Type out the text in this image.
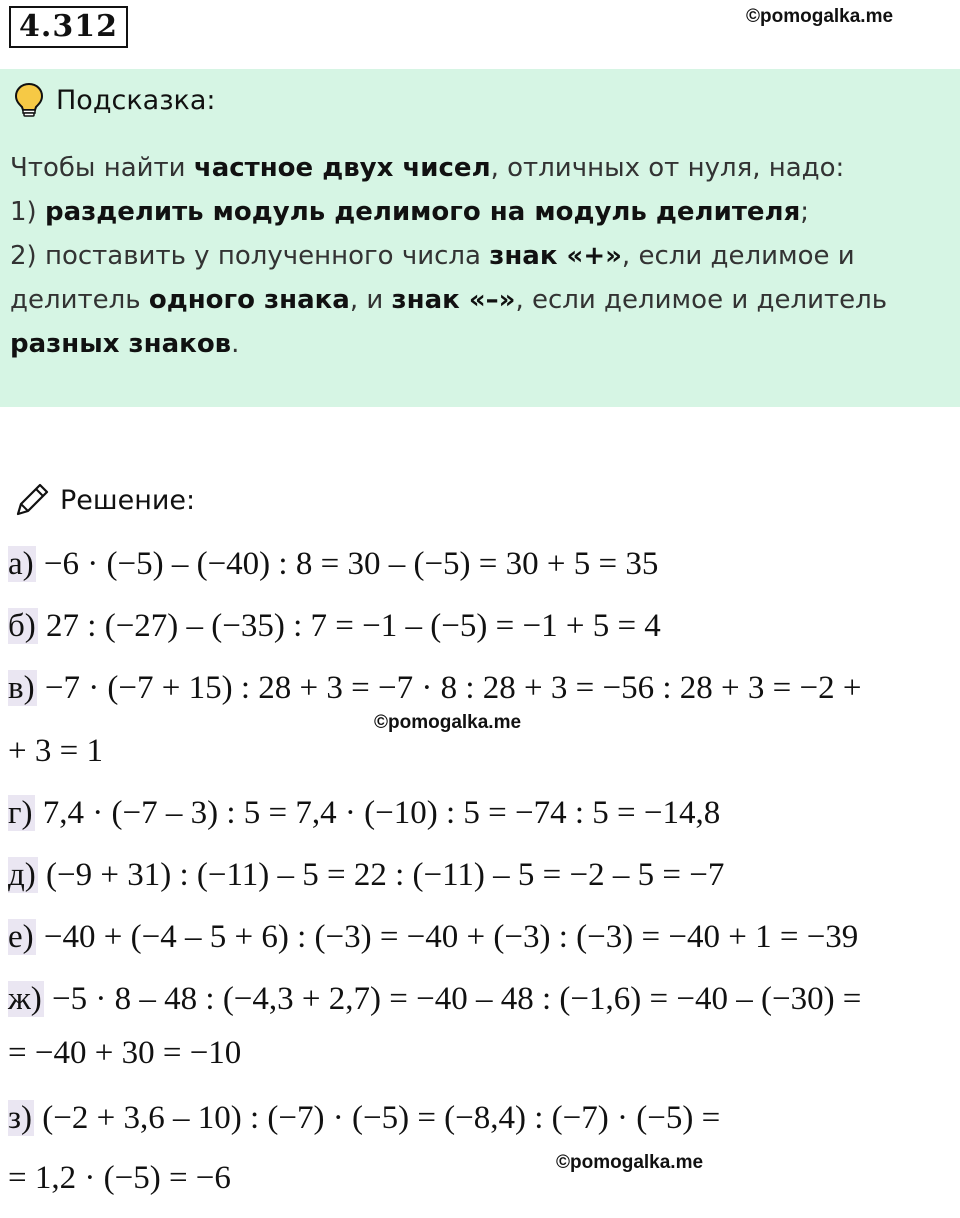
4.312	©pomogalka.me
Подсказка:

Чтобы найти частное двух чисел, отличных от нуля, надо:

1) разделить модуль делимого на модуль делителя;

2) поставить у полученного числа знак «+», если делимое и

делитель одного знака, и знак «–», если делимое и делитель

разных знаков.

Решение:
а) −6 · (−5) – (−40) : 8 = 30 – (−5) = 30 + 5 = 35
б) 27 : (−27) – (−35) : 7 = −1 – (−5) = −1 + 5 = 4
в) −7 · (−7 + 15) : 28 + 3 = −7 · 8 : 28 + 3 = −56 : 28 + 3 = −2 +
©pomogalka.me
+ 3 = 1
г) 7,4 · (−7 – 3) : 5 = 7,4 · (−10) : 5 = −74 : 5 = −14,8
д) (−9 + 31) : (−11) – 5 = 22 : (−11) – 5 = −2 – 5 = −7
е) −40 + (−4 – 5 + 6) : (−3) = −40 + (−3) : (−3) = −40 + 1 = −39
ж) −5 · 8 – 48 : (−4,3 + 2,7) = −40 – 48 : (−1,6) = −40 – (−30) =
= −40 + 30 = −10
з) (−2 + 3,6 – 10) : (−7) · (−5) = (−8,4) : (−7) · (−5) =
©pomogalka.me
= 1,2 · (−5) = −6
